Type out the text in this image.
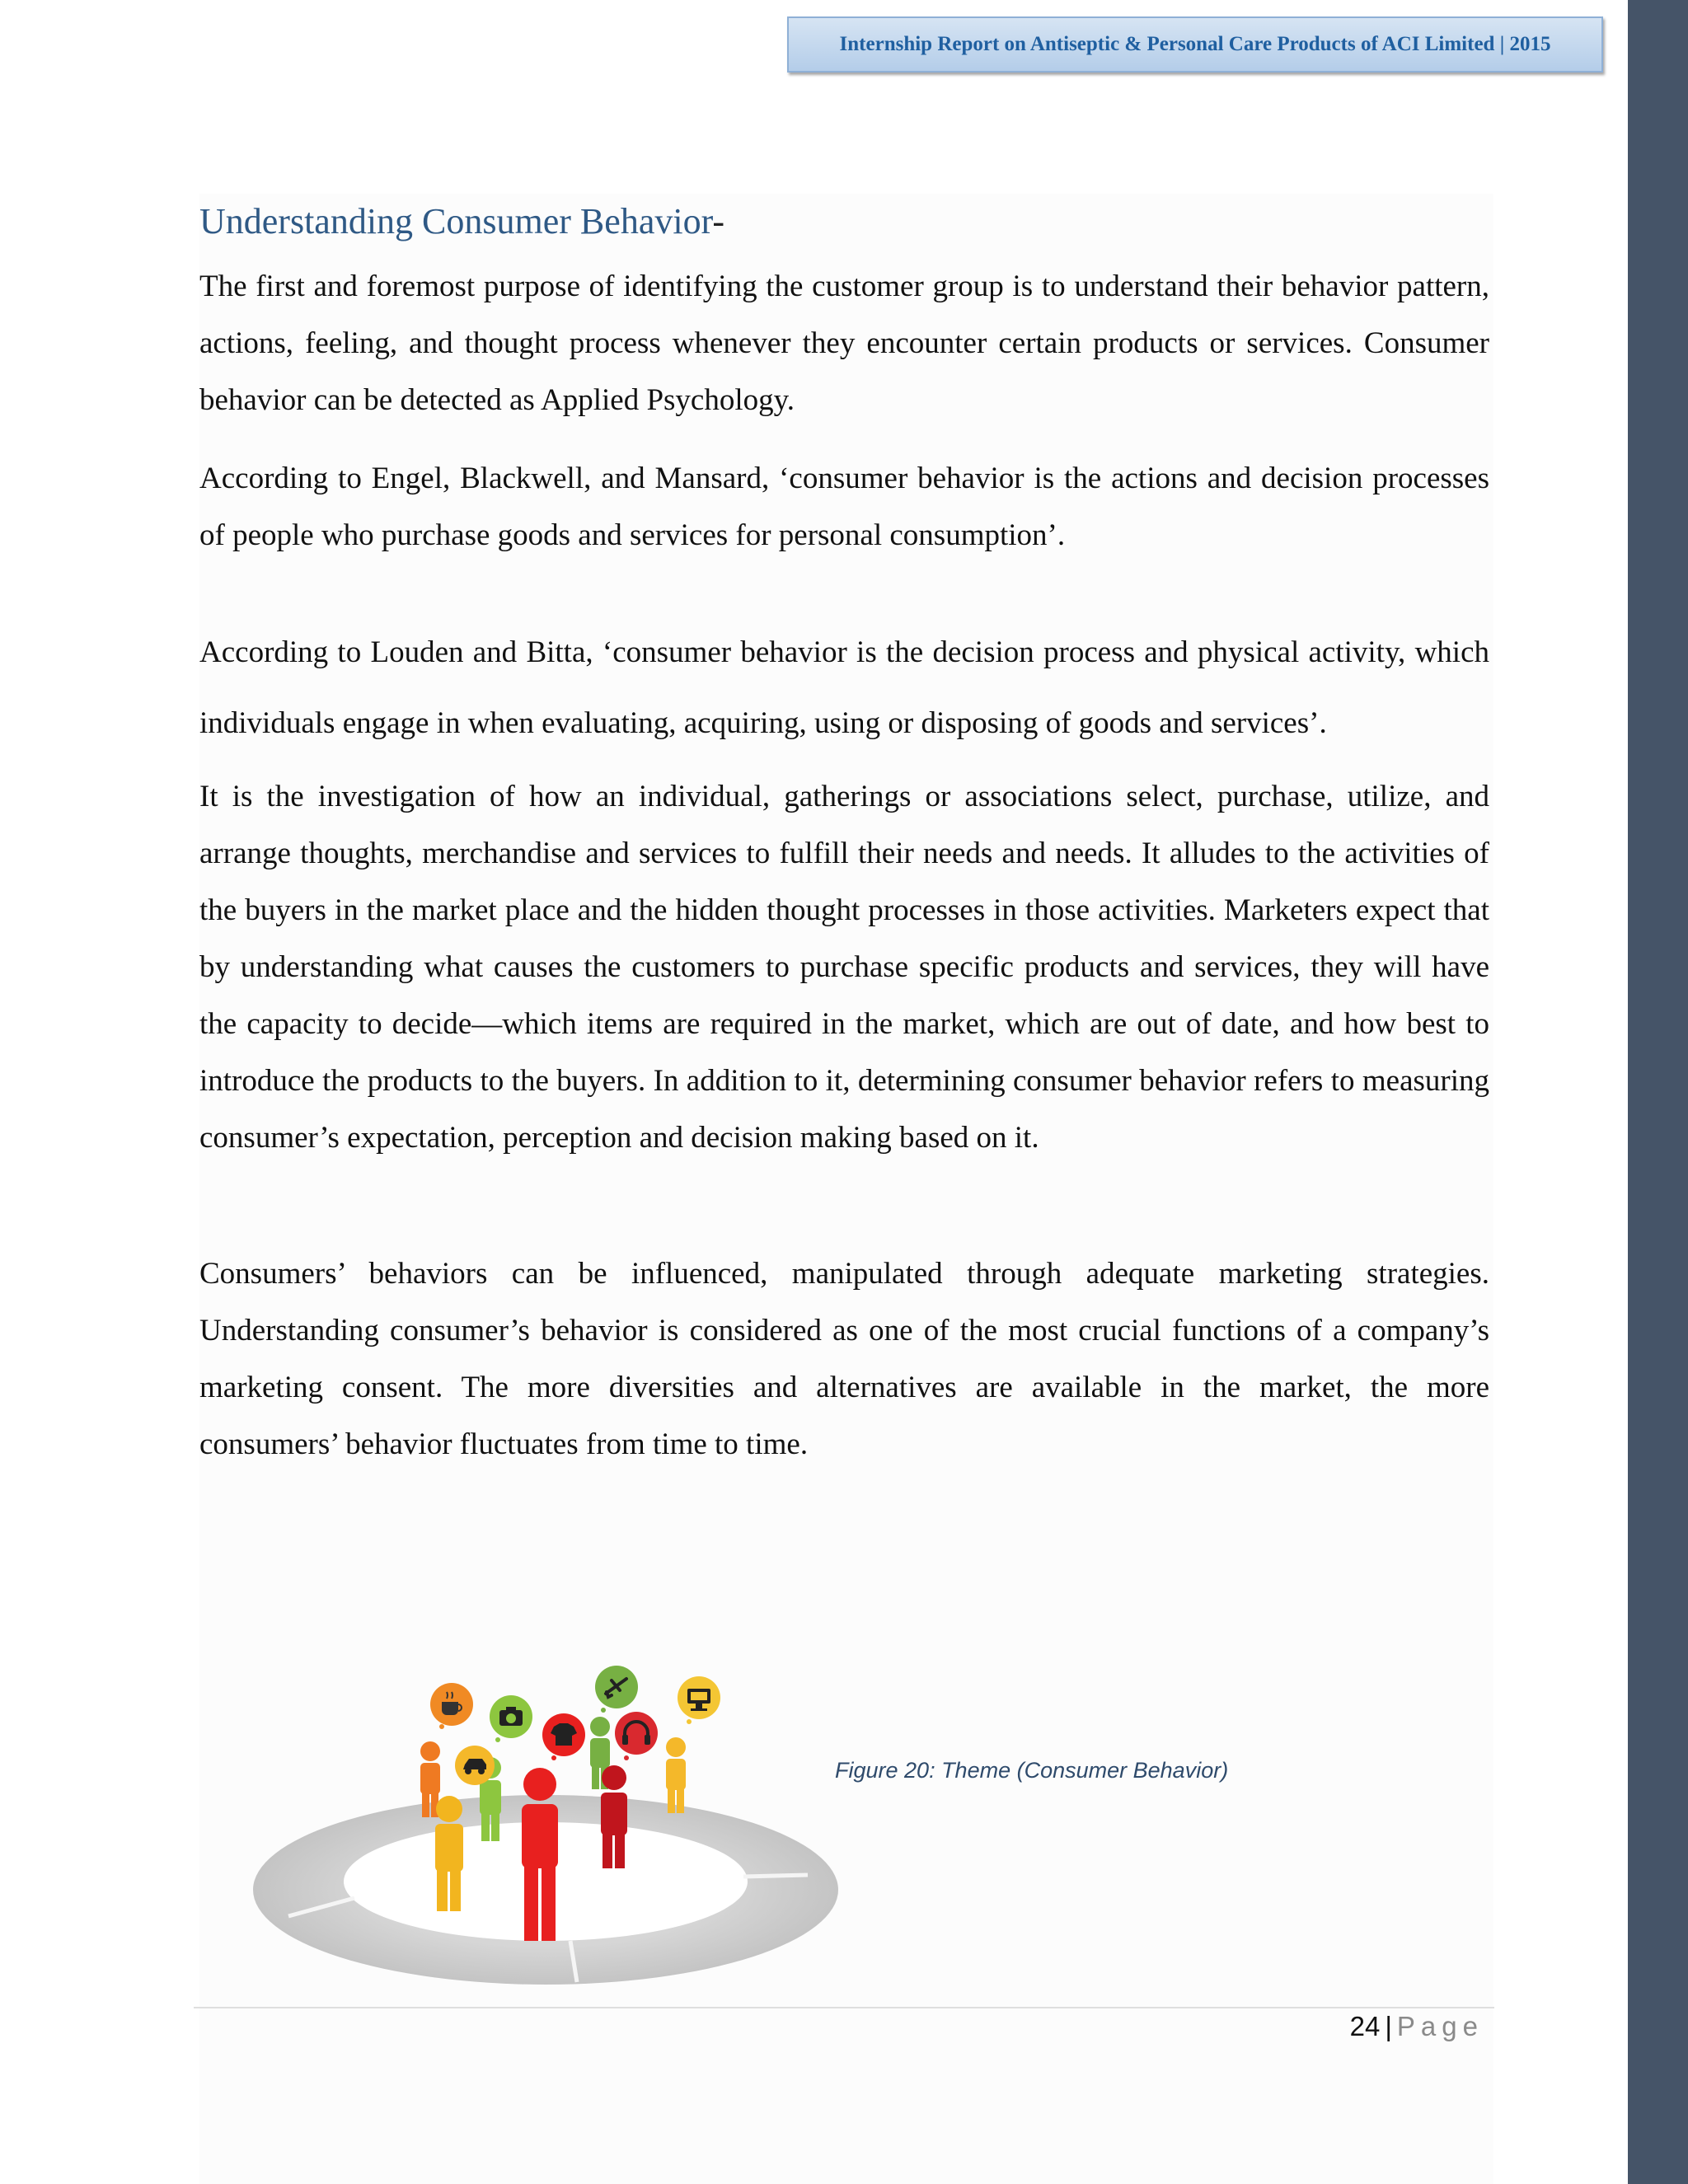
Internship Report on Antiseptic & Personal Care Products of ACI Limited | 2015
Understanding Consumer Behavior-

The first and foremost purpose of identifying the customer group is to understand their behavior pattern, actions, feeling, and thought process whenever they encounter certain products or services. Consumer behavior can be detected as Applied Psychology.

According to Engel, Blackwell, and Mansard, ‘consumer behavior is the actions and decision processes of people who purchase goods and services for personal consumption’.

According to Louden and Bitta, ‘consumer behavior is the decision process and physical activity, which individuals engage in when evaluating, acquiring, using or disposing of goods and services’.

It is the investigation of how an individual, gatherings or associations select, purchase, utilize, and arrange thoughts, merchandise and services to fulfill their needs and needs. It alludes to the activities of the buyers in the market place and the hidden thought processes in those activities. Marketers expect that by understanding what causes the customers to purchase specific products and services, they will have the capacity to decide—which items are required in the market, which are out of date, and how best to introduce the products to the buyers. In addition to it, determining consumer behavior refers to measuring consumer’s expectation, perception and decision making based on it.

Consumers’ behaviors can be influenced, manipulated through adequate marketing strategies. Understanding consumer’s behavior is considered as one of the most crucial functions of a company’s marketing consent. The more diversities and alternatives are available in the market, the more consumers’ behavior fluctuates from time to time.

Figure 20: Theme (Consumer Behavior)
24 | Page
